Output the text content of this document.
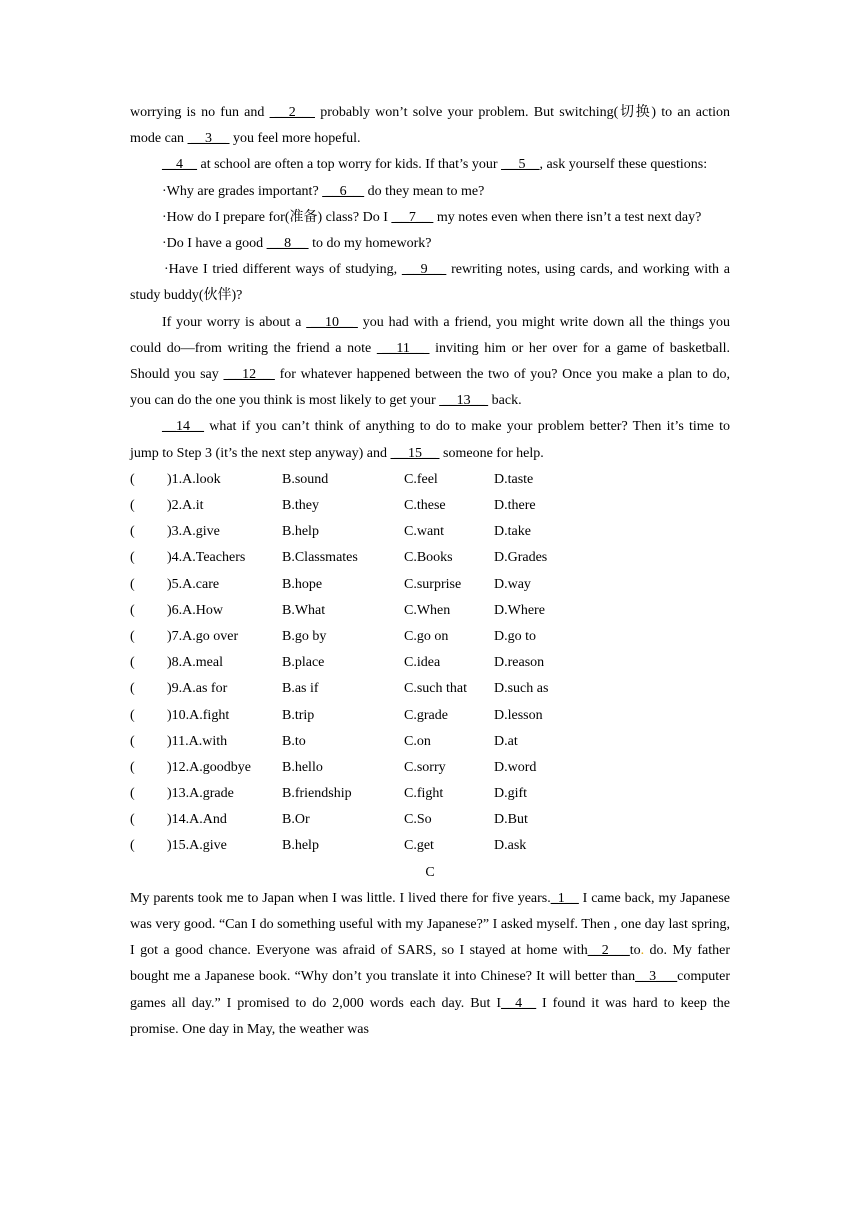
worrying is no fun and  __2__  probably won’t solve your problem. But switching(切换) to an action mode can  __3__  you feel more hopeful.

__4__ at school are often a top worry for kids. If that’s your  __5__, ask yourself these questions:

·Why are grades important?  __6__  do they mean to me?

·How do I prepare for(准备) class? Do I  __7__  my notes even when there isn’t a test next day?

·Do I have a good  __8__  to do my homework?

·Have I tried different ways of studying,  __9__  rewriting notes, using cards, and working with a study buddy(伙伴)?

If your worry is about a  __10__  you had with a friend, you might write down all the things you could do—from writing the friend a note  __11__  inviting him or her over for a game of basketball. Should you say  __12__  for whatever happened between the two of you? Once you make a plan to do, you can do the one you think is most likely to get your  __13__  back.

__14__ what if you can’t think of anything to do to make your problem better? Then it’s time to jump to Step 3 (it’s the next step anyway) and  __15__  someone for help.

( )1.A.look	B.sound	C.feel	D.taste
( )2.A.it	B.they	C.these	D.there
( )3.A.give	B.help	C.want	D.take
( )4.A.Teachers	B.Classmates	C.Books	D.Grades
( )5.A.care	B.hope	C.surprise D.way
( )6.A.How	B.What	C.When	D.Where
( )7.A.go over	B.go by	C.go on	D.go to
( )8.A.meal	B.place	C.idea	D.reason
( )9.A.as for	B.as if	C.such that D.such as
( )10.A.fight	B.trip	C.grade	D.lesson
( )11.A.with	B.to	C.on	D.at
( )12.A.goodbye B.hello	C.sorry	D.word
( )13.A.grade	B.friendship	C.fight	D.gift
( )14.A.And	B.Or	C.So	D.But
( )15.A.give	B.help	C.get	D.ask
C

My parents took me to Japan when I was little. I lived there for five years._1__ I came back, my Japanese was very good. “Can I do something useful with my Japanese?” I asked myself. Then , one day last spring, I got a good chance. Everyone was afraid of SARS, so I stayed at home with__2___to. do. My father bought me a Japanese book. “Why don’t you translate it into Chinese? It will better than__3___computer games all day.” I promised to do 2,000 words each day. But I__4__ I found it was hard to keep the promise. One day in May, the weather was
